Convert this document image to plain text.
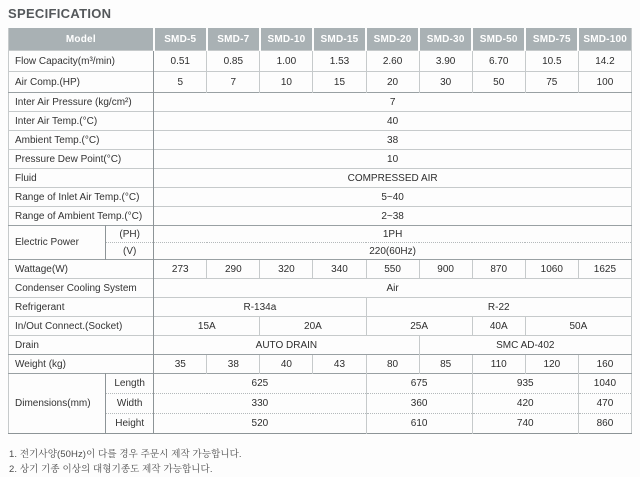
SPECIFICATION
Model		SMD-5	SMD-7	SMD-10	SMD-15	SMD-20	SMD-30	SMD-50	SMD-75	SMD-100
Flow Capacity(m³/min)		0.51	0.85	1.00	1.53	2.60	3.90	6.70	10.5	14.2
Air Comp.(HP)		5	7	10	15	20	30	50	75	100
Inter Air Pressure (kg/cm²)		7								
Inter Air Temp.(°C)		40								
Ambient Temp.(°C)		38								
Pressure Dew Point(°C)		10								
Fluid		COMPRESSED AIR								
Range of Inlet Air Temp.(°C)		5~40								
Range of Ambient Temp.(°C)		2~38								
Electric Power	(PH)	1PH								
	(V)	220(60Hz)								
Wattage(W)		273	290	320	340	550	900	870	1060	1625
Condenser Cooling System		Air								
Refrigerant		R-134a				R-22				
In/Out Connect.(Socket)		15A		20A		25A		40A	50A	
Drain		AUTO DRAIN					SMC AD-402			
Weight (kg)		35	38	40	43	80	85	110	120	160
Dimensions(mm)	Length	625				675		935		1040
	Width	330				360		420		470
	Height	520				610		740		860
1. 전기사양(50Hz)이 다를 경우 주문시 제작 가능합니다.
2. 상기 기종 이상의 대형기종도 제작 가능합니다.
